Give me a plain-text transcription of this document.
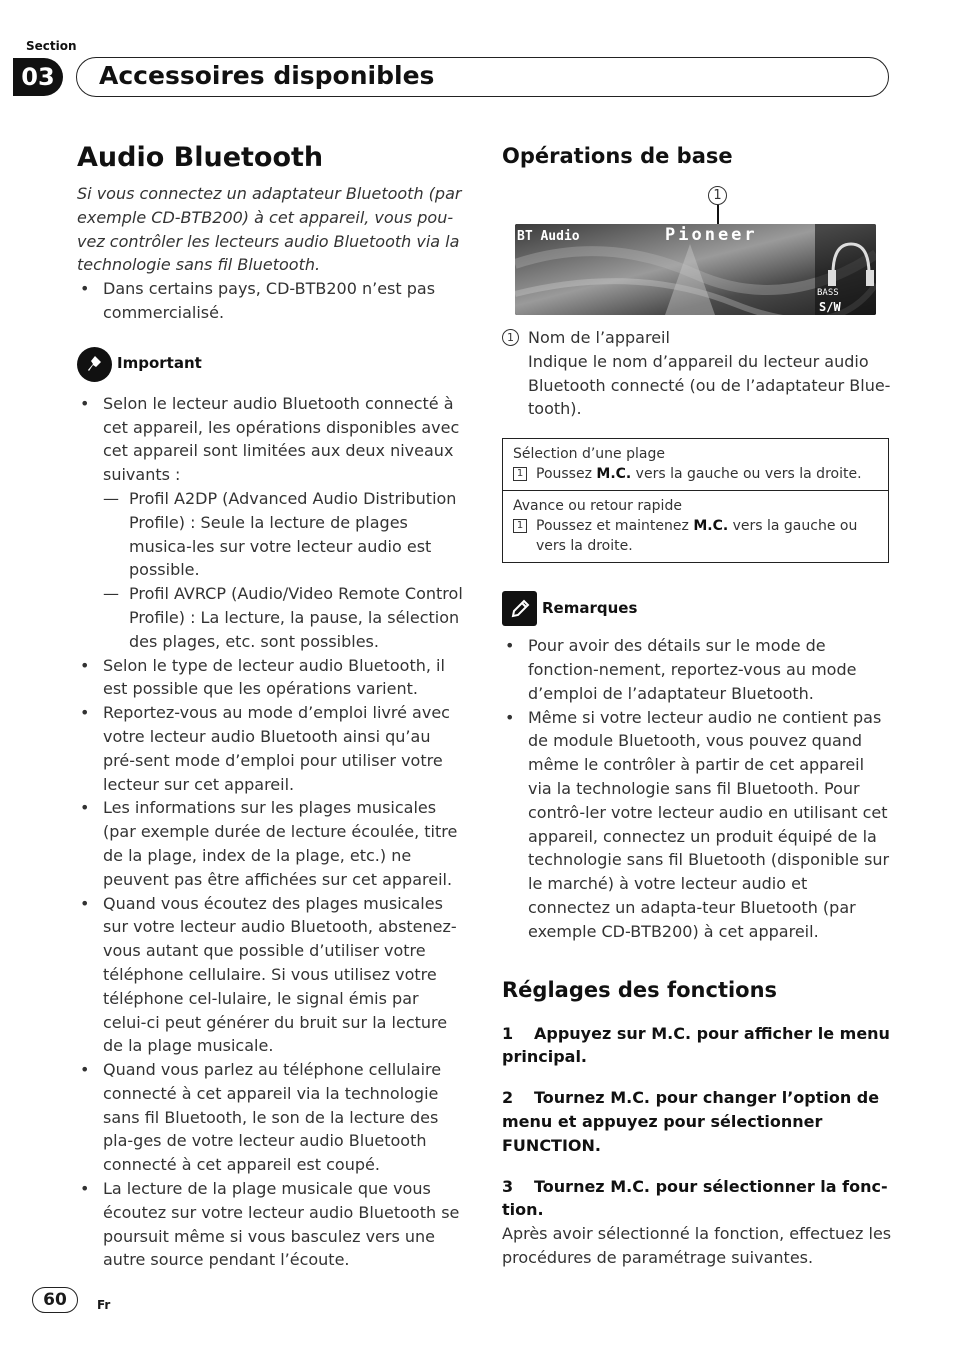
Section
03	Accessoires disponibles
Audio Bluetooth

Si vous connectez un adaptateur Bluetooth (par exemple CD-BTB200) à cet appareil, vous pou-vez contrôler les lecteurs audio Bluetooth via la technologie sans fil Bluetooth.

• Dans certains pays, CD-BTB200 n’est pas commercialisé.
Important
• Selon le lecteur audio Bluetooth connecté à cet appareil, les opérations disponibles avec cet appareil sont limitées aux deux niveaux suivants :
— Profil A2DP (Advanced Audio Distribution Profile) : Seule la lecture de plages musica-les sur votre lecteur audio est possible.
— Profil AVRCP (Audio/Video Remote Control Profile) : La lecture, la pause, la sélection des plages, etc. sont possibles.
• Selon le type de lecteur audio Bluetooth, il est possible que les opérations varient.
• Reportez-vous au mode d’emploi livré avec votre lecteur audio Bluetooth ainsi qu’au pré-sent mode d’emploi pour utiliser votre lecteur sur cet appareil.
• Les informations sur les plages musicales (par exemple durée de lecture écoulée, titre de la plage, index de la plage, etc.) ne peuvent pas être affichées sur cet appareil.
• Quand vous écoutez des plages musicales sur votre lecteur audio Bluetooth, abstenez-vous autant que possible d’utiliser votre téléphone cellulaire. Si vous utilisez votre téléphone cel-lulaire, le signal émis par celui-ci peut générer du bruit sur la lecture de la plage musicale.
• Quand vous parlez au téléphone cellulaire connecté à cet appareil via la technologie sans fil Bluetooth, le son de la lecture des pla-ges de votre lecteur audio Bluetooth connecté à cet appareil est coupé.
• La lecture de la plage musicale que vous écoutez sur votre lecteur audio Bluetooth se poursuit même si vous basculez vers une autre source pendant l’écoute.
Opérations de base
1
BT Audio	Pioneer
BASS
S/W
1 Nom de l’appareil
Indique le nom d’appareil du lecteur audio Bluetooth connecté (ou de l’adaptateur Blue-tooth).
Sélection d’une plage
1 Poussez M.C. vers la gauche ou vers la droite.

Avance ou retour rapide
1 Poussez et maintenez M.C. vers la gauche ou vers la droite.
Remarques
• Pour avoir des détails sur le mode de fonction-nement, reportez-vous au mode d’emploi de l’adaptateur Bluetooth.
• Même si votre lecteur audio ne contient pas de module Bluetooth, vous pouvez quand même le contrôler à partir de cet appareil via la technologie sans fil Bluetooth. Pour contrô-ler votre lecteur audio en utilisant cet appareil, connectez un produit équipé de la technologie sans fil Bluetooth (disponible sur le marché) à votre lecteur audio et connectez un adapta-teur Bluetooth (par exemple CD-BTB200) à cet appareil.
Réglages des fonctions
1 Appuyez sur M.C. pour afficher le menu principal.
2 Tournez M.C. pour changer l’option de menu et appuyez pour sélectionner FUNCTION.
3 Tournez M.C. pour sélectionner la fonc-tion.

Après avoir sélectionné la fonction, effectuez les procédures de paramétrage suivantes.

60	Fr
